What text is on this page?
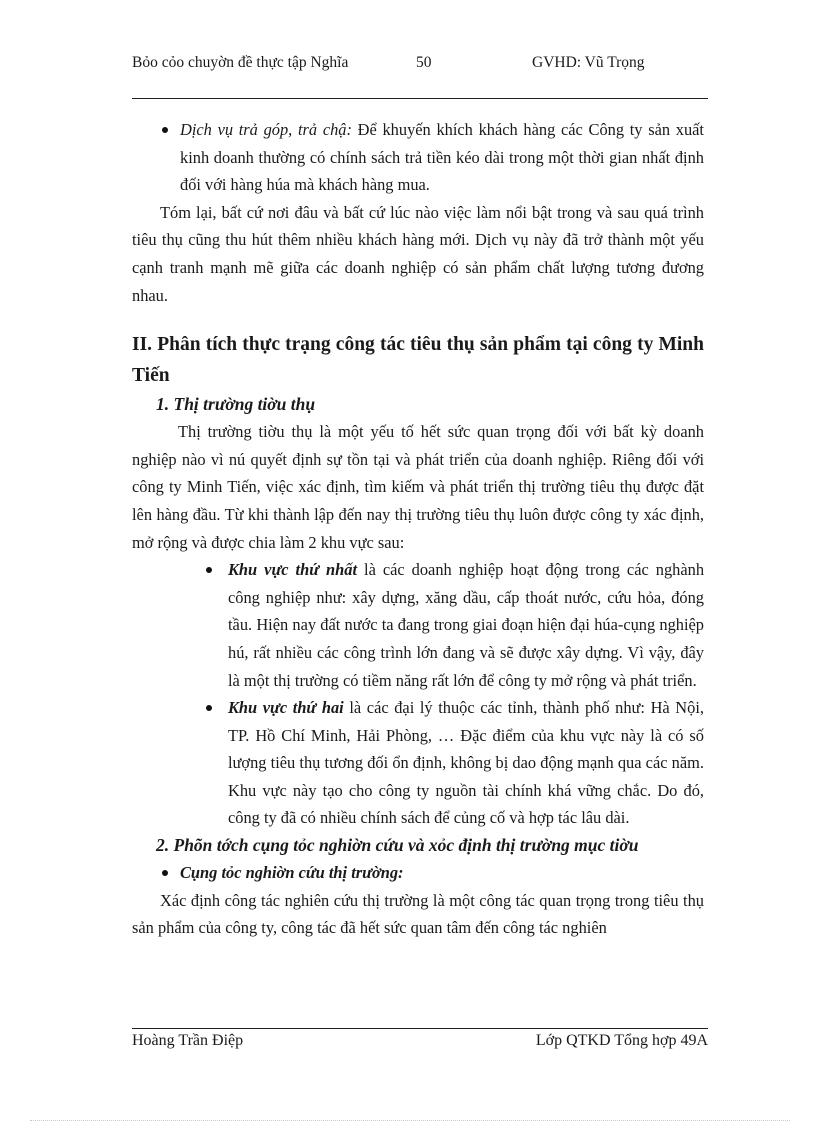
Bỏo cỏo chuyờn đề thực tập Nghĩa	50	GVHD: Vũ Trọng
Dịch vụ trả góp, trả chậ: Để khuyến khích khách hàng các Công ty sản xuất kinh doanh thường có chính sách trả tiền kéo dài trong một thời gian nhất định đối với hàng húa mà khách hàng mua.

Tóm lại, bất cứ nơi đâu và bất cứ lúc nào việc làm nổi bật trong và sau quá trình tiêu thụ cũng thu hút thêm nhiều khách hàng mới. Dịch vụ này đã trở thành một yếu cạnh tranh mạnh mẽ giữa các doanh nghiệp có sản phẩm chất lượng tương đương nhau.

II. Phân tích thực trạng công tác tiêu thụ sản phẩm tại công ty Minh Tiến

1. Thị trường tiờu thụ

Thị trường tiờu thụ là một yếu tố hết sức quan trọng đối với bất kỳ doanh nghiệp nào vì nú quyết định sự tồn tại và phát triển của doanh nghiệp. Riêng đối với công ty Minh Tiến, việc xác định, tìm kiếm và phát triển thị trường tiêu thụ được đặt lên hàng đầu. Từ khi thành lập đến nay thị trường tiêu thụ luôn được công ty xác định, mở rộng và được chia làm 2 khu vực sau:

Khu vực thứ nhất là các doanh nghiệp hoạt động trong các nghành công nghiệp như: xây dựng, xăng dầu, cấp thoát nước, cứu hỏa, đóng tầu. Hiện nay đất nước ta đang trong giai đoạn hiện đại húa-cụng nghiệp hú, rất nhiều các công trình lớn đang và sẽ được xây dựng. Vì vậy, đây là một thị trường có tiềm năng rất lớn để công ty mở rộng và phát triển.
Khu vực thứ hai là các đại lý thuộc các tỉnh, thành phố như: Hà Nội, TP. Hồ Chí Minh, Hải Phòng, … Đặc điểm của khu vực này là có số lượng tiêu thụ tương đối ổn định, không bị dao động mạnh qua các năm. Khu vực này tạo cho công ty nguồn tài chính khá vững chắc. Do đó, công ty đã có nhiều chính sách để củng cố và hợp tác lâu dài.

2. Phõn tớch cụng tỏc nghiờn cứu và xỏc định thị trường mục tiờu

Cụng tỏc nghiờn cứu thị trường:

Xác định công tác nghiên cứu thị trường là một công tác quan trọng trong tiêu thụ sản phẩm của công ty, công tác đã hết sức quan tâm đến công tác nghiên

Hoàng Trần Điệp	Lớp QTKD Tổng hợp 49A
